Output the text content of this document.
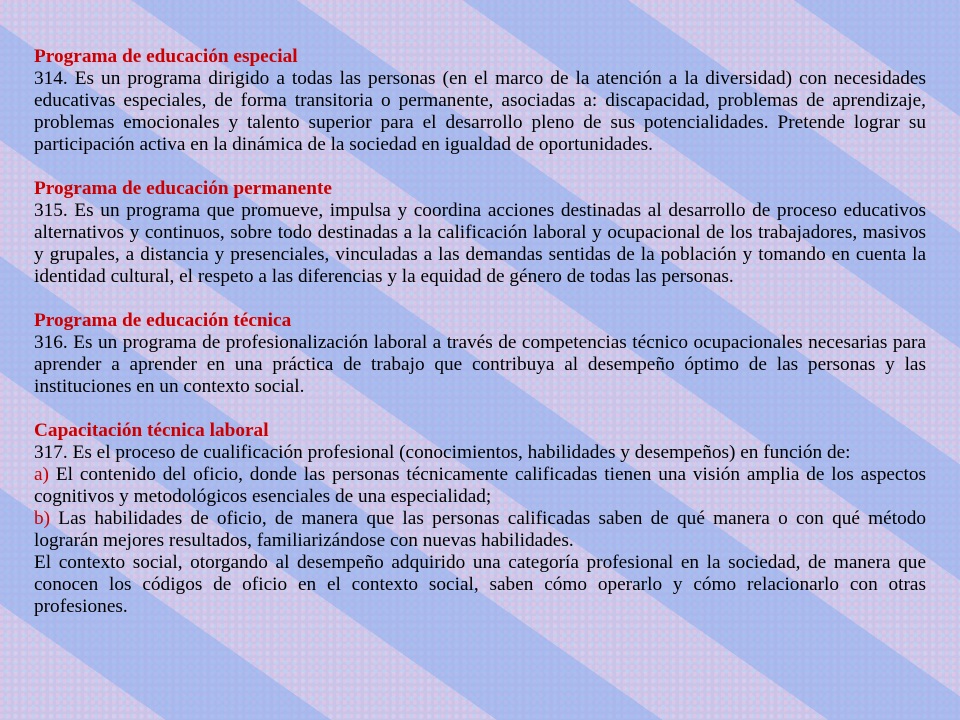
Programa de educación especial
314. Es un programa dirigido a todas las personas (en el marco de la atención a la diversidad) con necesidades educativas especiales, de forma transitoria o permanente, asociadas a: discapacidad, problemas de aprendizaje, problemas emocionales y talento superior para el desarrollo pleno de sus potencialidades. Pretende lograr su participación activa en la dinámica de la sociedad en igualdad de oportunidades.
Programa de educación permanente
315. Es un programa que promueve, impulsa y coordina acciones destinadas al desarrollo de proceso educativos alternativos y continuos, sobre todo destinadas a la calificación laboral y ocupacional de los trabajadores, masivos y grupales, a distancia y presenciales, vinculadas a las demandas sentidas de la población y tomando en cuenta la identidad cultural, el respeto a las diferencias y la equidad de género de todas las personas.
Programa de educación técnica
316. Es un programa de profesionalización laboral a través de competencias técnico ocupacionales necesarias para aprender a aprender en una práctica de trabajo que contribuya al desempeño óptimo de las personas y las instituciones en un contexto social.
Capacitación técnica laboral
317. Es el proceso de cualificación profesional (conocimientos, habilidades y desempeños) en función de:
a) El contenido del oficio, donde las personas técnicamente calificadas tienen una visión amplia de los aspectos cognitivos y metodológicos esenciales de una especialidad;
b) Las habilidades de oficio, de manera que las personas calificadas saben de qué manera o con qué método lograrán mejores resultados, familiarizándose con nuevas habilidades.
El contexto social, otorgando al desempeño adquirido una categoría profesional en la sociedad, de manera que conocen los códigos de oficio en el contexto social, saben cómo operarlo y cómo relacionarlo con otras profesiones.
